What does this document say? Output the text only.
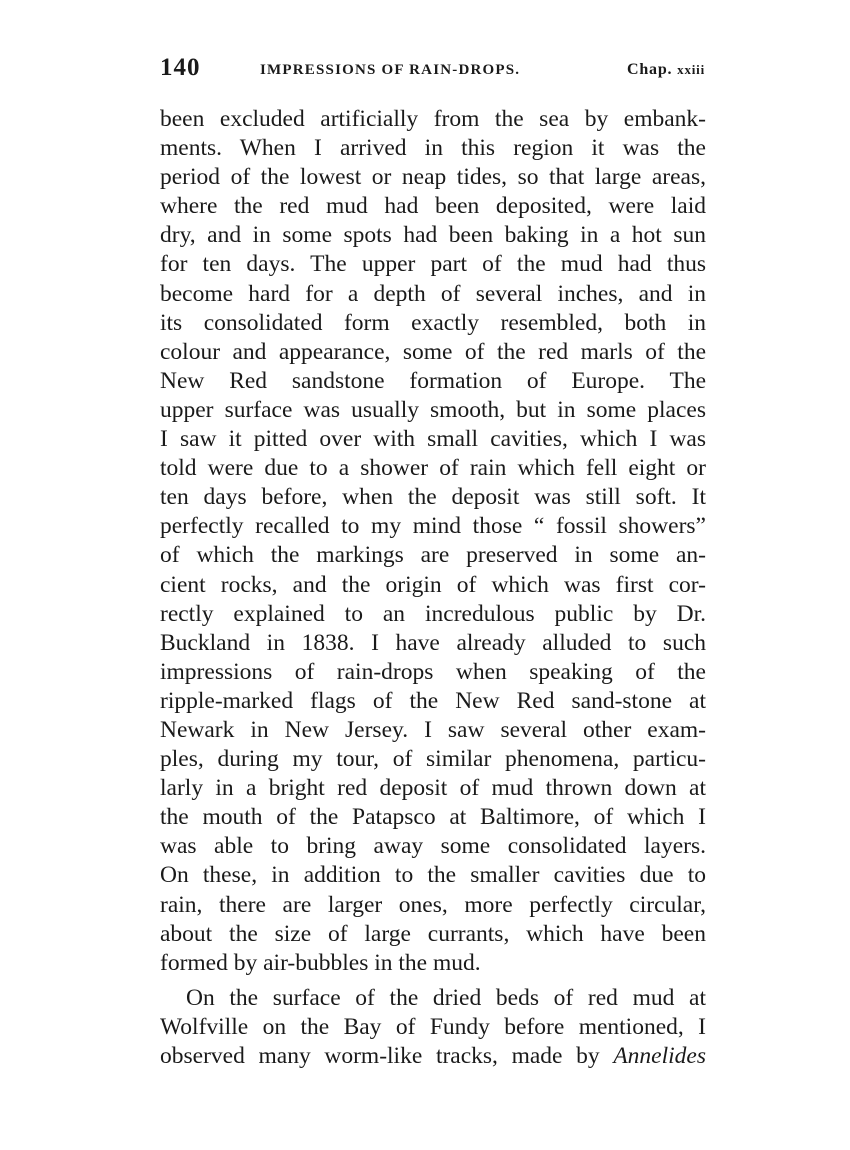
140	IMPRESSIONS OF RAIN-DROPS.	Chap. xxiii
been excluded artificially from the sea by embank-
ments. When I arrived in this region it was the
period of the lowest or neap tides, so that large areas,
where the red mud had been deposited, were laid
dry, and in some spots had been baking in a hot sun
for ten days. The upper part of the mud had thus
become hard for a depth of several inches, and in
its consolidated form exactly resembled, both in
colour and appearance, some of the red marls of the
New Red sandstone formation of Europe. The
upper surface was usually smooth, but in some places
I saw it pitted over with small cavities, which I was
told were due to a shower of rain which fell eight or
ten days before, when the deposit was still soft. It
perfectly recalled to my mind those “ fossil showers”
of which the markings are preserved in some an-
cient rocks, and the origin of which was first cor-
rectly explained to an incredulous public by Dr.
Buckland in 1838. I have already alluded to such
impressions of rain-drops when speaking of the
ripple-marked flags of the New Red sand-stone at
Newark in New Jersey. I saw several other exam-
ples, during my tour, of similar phenomena, particu-
larly in a bright red deposit of mud thrown down at
the mouth of the Patapsco at Baltimore, of which I
was able to bring away some consolidated layers.
On these, in addition to the smaller cavities due to
rain, there are larger ones, more perfectly circular,
about the size of large currants, which have been
formed by air-bubbles in the mud.
On the surface of the dried beds of red mud at
Wolfville on the Bay of Fundy before mentioned, I
observed many worm-like tracks, made by Annelides
